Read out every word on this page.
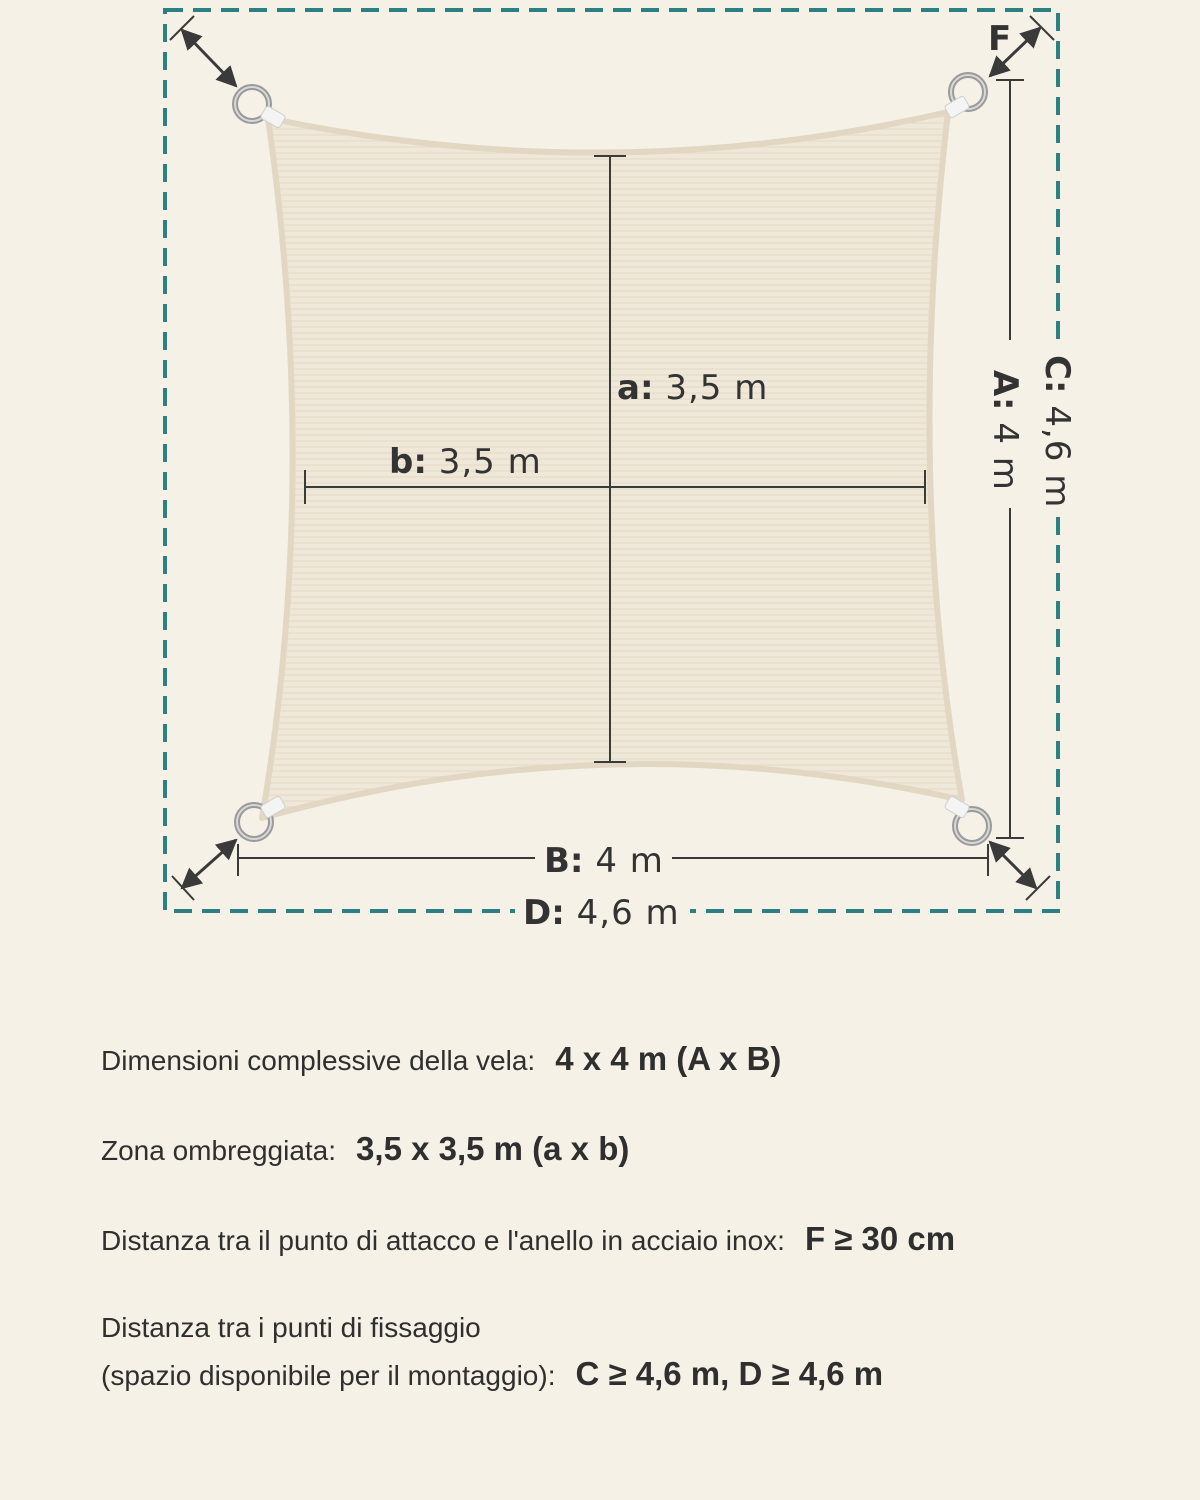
a: 3,5 m
b: 3,5 m
A: 4 m
C: 4,6 m
B: 4 m
D: 4,6 m
F
Dimensioni complessive della vela: 4 x 4 m (A x B)
Zona ombreggiata: 3,5 x 3,5 m (a x b)
Distanza tra il punto di attacco e l'anello in acciaio inox: F ≥ 30 cm
Distanza tra i punti di fissaggio
(spazio disponibile per il montaggio): C ≥ 4,6 m, D ≥ 4,6 m
